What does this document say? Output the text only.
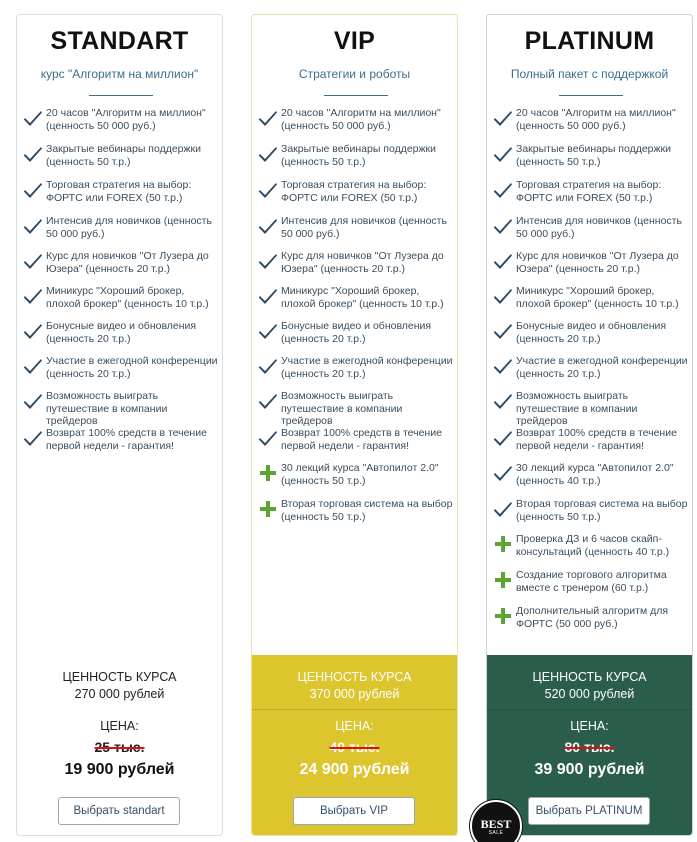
STANDART
курс "Алгоритм на миллион"
20 часов "Алгоритм на миллион" (ценность 50 000 руб.)
Закрытые вебинары поддержки (ценность 50 т.р.)
Торговая стратегия на выбор: ФОРТС или FOREX (50 т.р.)
Интенсив для новичков (ценность 50 000 руб.)
Курс для новичков "От Лузера до Юзера" (ценность 20 т.р.)
Миникурс "Хороший брокер, плохой брокер" (ценность 10 т.р.)
Бонусные видео и обновления (ценность 20 т.р.)
Участие в ежегодной конференции (ценность 20 т.р.)
Возможность выиграть путешествие в компании трейдеров
Возврат 100% средств в течение первой недели - гарантия!
ЦЕННОСТЬ КУРСА
270 000 рублей
ЦЕНА:
25 тыс.
19 900 рублей
Выбрать standart
VIP
Стратегии и роботы
20 часов "Алгоритм на миллион" (ценность 50 000 руб.)
Закрытые вебинары поддержки (ценность 50 т.р.)
Торговая стратегия на выбор: ФОРТС или FOREX (50 т.р.)
Интенсив для новичков (ценность 50 000 руб.)
Курс для новичков "От Лузера до Юзера" (ценность 20 т.р.)
Миникурс "Хороший брокер, плохой брокер" (ценность 10 т.р.)
Бонусные видео и обновления (ценность 20 т.р.)
Участие в ежегодной конференции (ценность 20 т.р.)
Возможность выиграть путешествие в компании трейдеров
Возврат 100% средств в течение первой недели - гарантия!
30 лекций курса "Автопилот 2.0" (ценность 50 т.р.)
Вторая торговая система на выбор (ценность 50 т.р.)
ЦЕННОСТЬ КУРСА
370 000 рублей
ЦЕНА:
40 тыс.
24 900 рублей
Выбрать VIP
PLATINUM
Полный пакет с поддержкой
20 часов "Алгоритм на миллион" (ценность 50 000 руб.)
Закрытые вебинары поддержки (ценность 50 т.р.)
Торговая стратегия на выбор: ФОРТС или FOREX (50 т.р.)
Интенсив для новичков (ценность 50 000 руб.)
Курс для новичков "От Лузера до Юзера" (ценность 20 т.р.)
Миникурс "Хороший брокер, плохой брокер" (ценность 10 т.р.)
Бонусные видео и обновления (ценность 20 т.р.)
Участие в ежегодной конференции (ценность 20 т.р.)
Возможность выиграть путешествие в компании трейдеров
Возврат 100% средств в течение первой недели - гарантия!
30 лекций курса "Автопилот 2.0" (ценность 40 т.р.)
Вторая торговая система на выбор (ценность 50 т.р.)
Проверка ДЗ и 6 часов скайп-консультаций (ценность 40 т.р.)
Создание торгового алгоритма вместе с тренером (60 т.р.)
Дополнительный алгоритм для ФОРТС (50 000 руб.)
ЦЕННОСТЬ КУРСА
520 000 рублей
ЦЕНА:
80 тыс.
39 900 рублей
Выбрать PLATINUM
BEST
SALE
